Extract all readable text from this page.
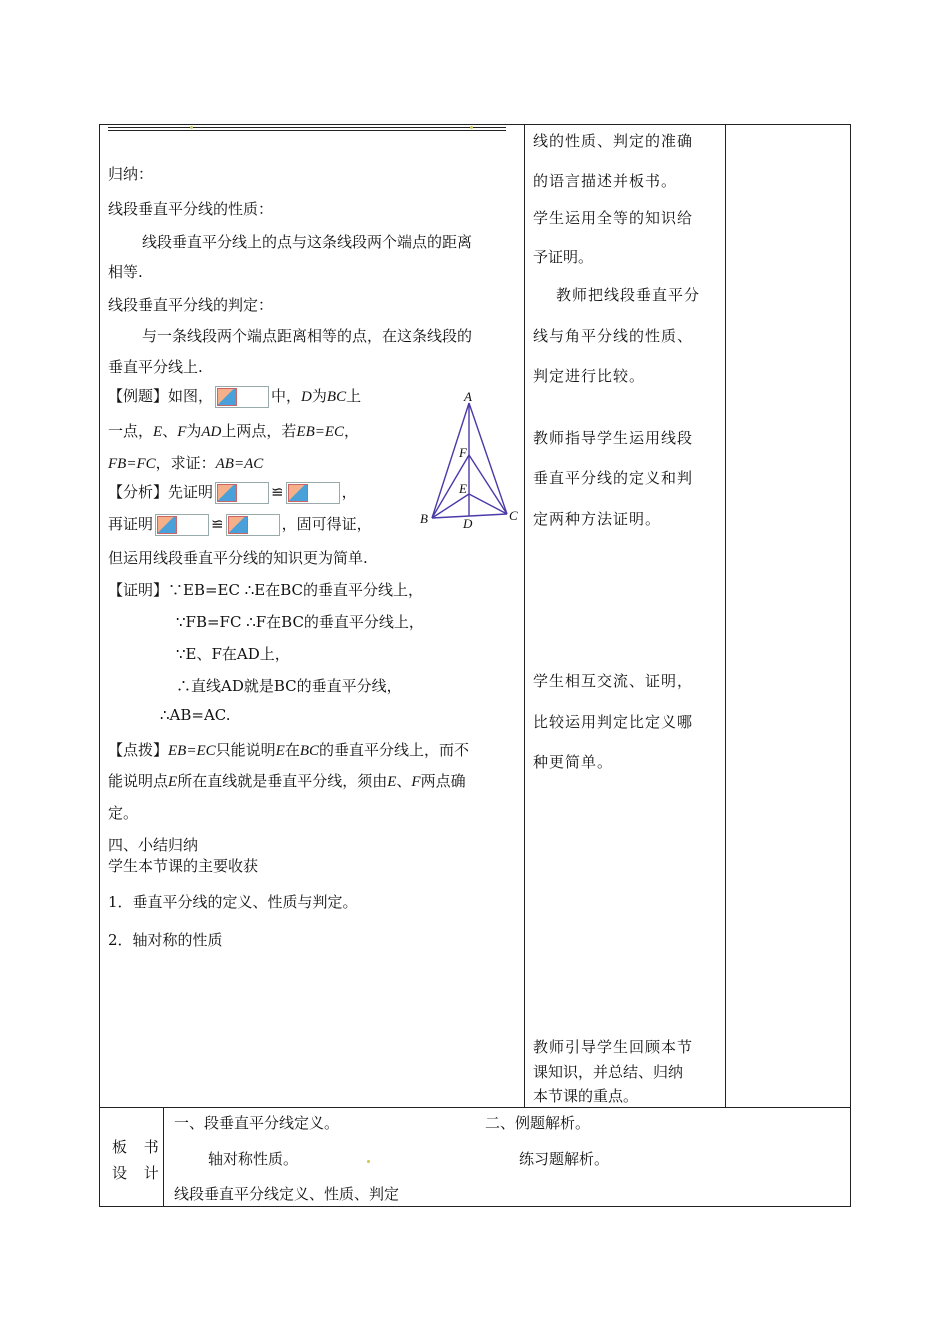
归纳：
线段垂直平分线的性质：
线段垂直平分线上的点与这条线段两个端点的距离
相等.
线段垂直平分线的判定：
与一条线段两个端点距离相等的点，在这条线段的
垂直平分线上.
【例题】如图，	中，D为BC上
一点，E、F为AD上两点，若EB=EC，
FB=FC，求证：AB=AC
【分析】先证明	≌	，
再证明	≌	，固可得证，
但运用线段垂直平分线的知识更为简单.
【证明】∵EB=EC ∴E在BC的垂直平分线上，
∵FB=FC ∴F在BC的垂直平分线上，
∵E、F在AD上，
∴直线AD就是BC的垂直平分线，
∴AB=AC.
【点拨】EB=EC只能说明E在BC的垂直平分线上，而不
能说明点E所在直线就是垂直平分线，须由E、F两点确
定。
四、小结归纳
学生本节课的主要收获
1．垂直平分线的定义、性质与判定。
2．轴对称的性质
A
F
E
B	D
C
线的性质、判定的准确
的语言描述并板书。
学生运用全等的知识给
予证明。
教师把线段垂直平分
线与角平分线的性质、
判定进行比较。
教师指导学生运用线段
垂直平分线的定义和判
定两种方法证明。
学生相互交流、证明，
比较运用判定比定义哪
种更简单。
教师引导学生回顾本节
课知识，并总结、归纳
本节课的重点。
板 书
设 计
一、段垂直平分线定义。	二、例题解析。
轴对称性质。	练习题解析。
线段垂直平分线定义、性质、判定
